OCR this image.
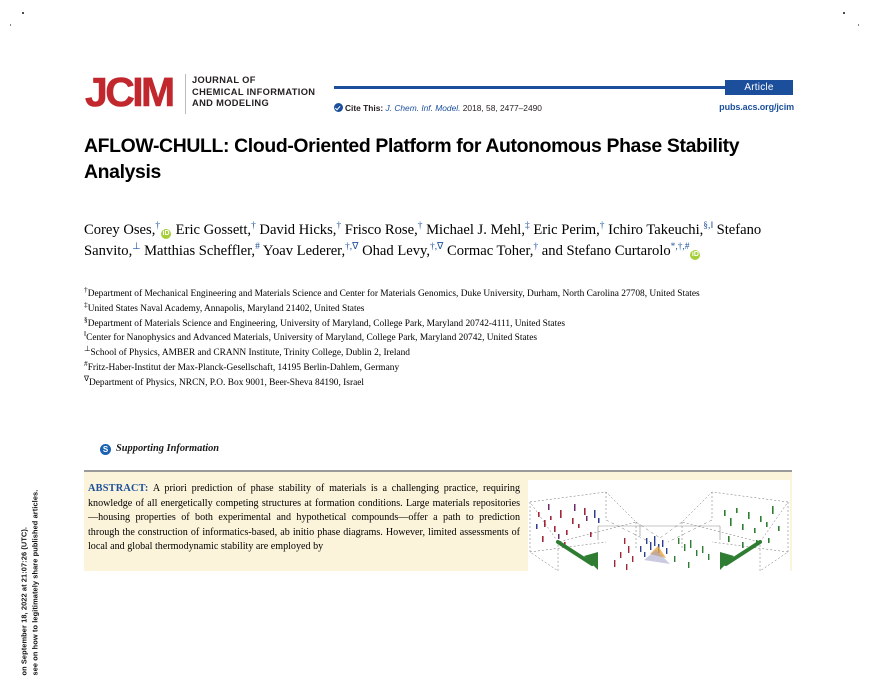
on September 18, 2022 at 21:07:26 (UTC). see on how to legitimately share published articles.
JCIM JOURNAL OF
CHEMICAL INFORMATION
AND MODELING
Article
Cite This: J. Chem. Inf. Model. 2018, 58, 2477–2490	pubs.acs.org/jcim
AFLOW-CHULL: Cloud-Oriented Platform for Autonomous Phase Stability Analysis
Corey Oses,†iD Eric Gossett,† David Hicks,† Frisco Rose,† Michael J. Mehl,‡ Eric Perim,† Ichiro Takeuchi,§,‖ Stefano Sanvito,⊥ Matthias Scheffler,# Yoav Lederer,†,∇ Ohad Levy,†,∇ Cormac Toher,† and Stefano Curtarolo*,†,#iD
†Department of Mechanical Engineering and Materials Science and Center for Materials Genomics, Duke University, Durham, North Carolina 27708, United States
‡United States Naval Academy, Annapolis, Maryland 21402, United States
§Department of Materials Science and Engineering, University of Maryland, College Park, Maryland 20742-4111, United States
‖Center for Nanophysics and Advanced Materials, University of Maryland, College Park, Maryland 20742, United States
⊥School of Physics, AMBER and CRANN Institute, Trinity College, Dublin 2, Ireland
#Fritz-Haber-Institut der Max-Planck-Gesellschaft, 14195 Berlin-Dahlem, Germany
∇Department of Physics, NRCN, P.O. Box 9001, Beer-Sheva 84190, Israel
S Supporting Information
ABSTRACT: A priori prediction of phase stability of materials is a challenging practice, requiring knowledge of all energetically competing structures at formation conditions. Large materials repositories—housing properties of both experimental and hypothetical compounds—offer a path to prediction through the construction of informatics-based, ab initio phase diagrams. However, limited assessments of local and global thermodynamic stability are employed by
